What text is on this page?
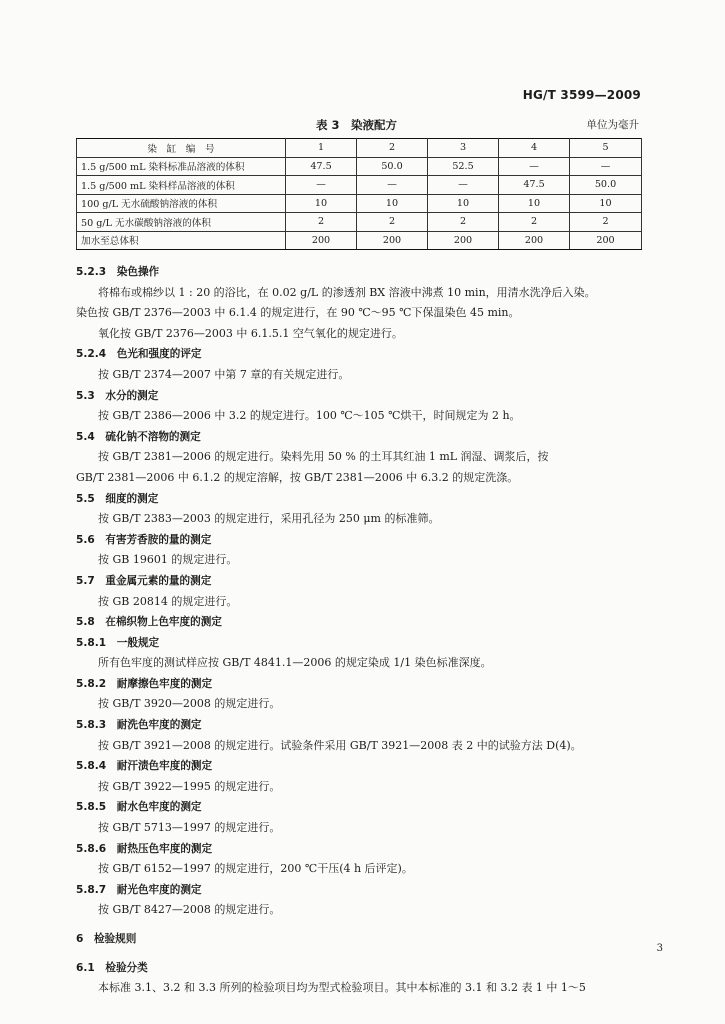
HG/T 3599—2009
表 3　染液配方	单位为毫升
染　缸　编　号	1	2	3	4	5
1.5 g/500 mL 染料标准品溶液的体积	47.5	50.0	52.5	—	—
1.5 g/500 mL 染料样品溶液的体积	—	—	—	47.5	50.0
100 g/L 无水硫酸钠溶液的体积	10	10	10	10	10
50 g/L 无水碳酸钠溶液的体积	2	2	2	2	2
加水至总体积	200	200	200	200	200
5.2.3　染色操作
将棉布或棉纱以 1 : 20 的浴比，在 0.02 g/L 的渗透剂 BX 溶液中沸煮 10 min，用清水洗净后入染。
染色按 GB/T 2376—2003 中 6.1.4 的规定进行，在 90 ℃～95 ℃下保温染色 45 min。
氧化按 GB/T 2376—2003 中 6.1.5.1 空气氧化的规定进行。
5.2.4　色光和强度的评定
按 GB/T 2374—2007 中第 7 章的有关规定进行。
5.3　水分的测定
按 GB/T 2386—2006 中 3.2 的规定进行。100 ℃～105 ℃烘干，时间规定为 2 h。
5.4　硫化钠不溶物的测定
按 GB/T 2381—2006 的规定进行。染料先用 50 % 的土耳其红油 1 mL 润湿、调浆后，按
GB/T 2381—2006 中 6.1.2 的规定溶解，按 GB/T 2381—2006 中 6.3.2 的规定洗涤。
5.5　细度的测定
按 GB/T 2383—2003 的规定进行，采用孔径为 250 μm 的标准筛。
5.6　有害芳香胺的量的测定
按 GB 19601 的规定进行。
5.7　重金属元素的量的测定
按 GB 20814 的规定进行。
5.8　在棉织物上色牢度的测定
5.8.1　一般规定
所有色牢度的测试样应按 GB/T 4841.1—2006 的规定染成 1/1 染色标准深度。
5.8.2　耐摩擦色牢度的测定
按 GB/T 3920—2008 的规定进行。
5.8.3　耐洗色牢度的测定
按 GB/T 3921—2008 的规定进行。试验条件采用 GB/T 3921—2008 表 2 中的试验方法 D(4)。
5.8.4　耐汗渍色牢度的测定
按 GB/T 3922—1995 的规定进行。
5.8.5　耐水色牢度的测定
按 GB/T 5713—1997 的规定进行。
5.8.6　耐热压色牢度的测定
按 GB/T 6152—1997 的规定进行，200 ℃干压(4 h 后评定)。
5.8.7　耐光色牢度的测定
按 GB/T 8427—2008 的规定进行。
6　检验规则
6.1　检验分类
本标准 3.1、3.2 和 3.3 所列的检验项目均为型式检验项目。其中本标准的 3.1 和 3.2 表 1 中 1～5
3
